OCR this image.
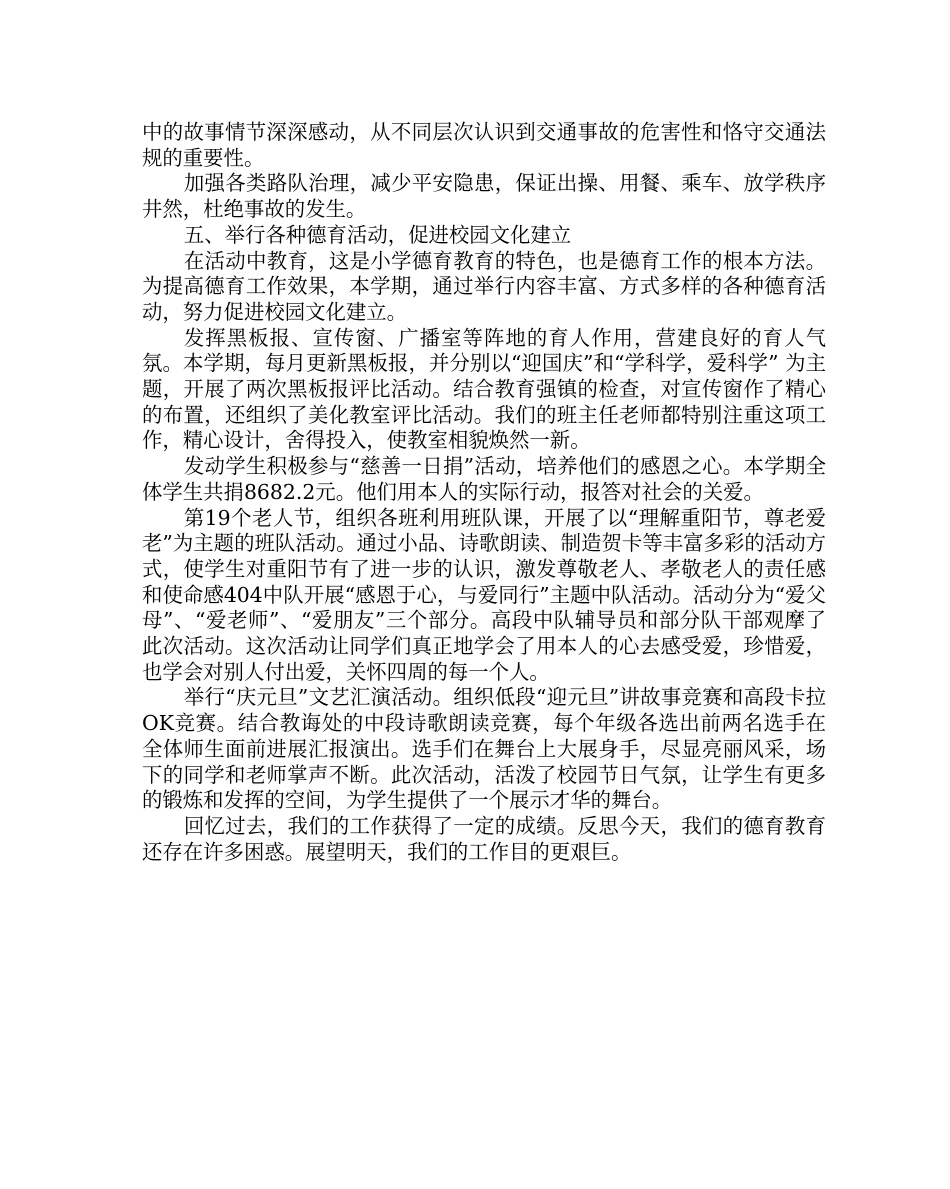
中的故事情节深深感动，从不同层次认识到交通事故的危害性和恪守交通法规的重要性。

加强各类路队治理，减少平安隐患，保证出操、用餐、乘车、放学秩序井然，杜绝事故的发生。

五、举行各种德育活动，促进校园文化建立

在活动中教育，这是小学德育教育的特色，也是德育工作的根本方法。为提高德育工作效果，本学期，通过举行内容丰富、方式多样的各种德育活动，努力促进校园文化建立。

发挥黑板报、宣传窗、广播室等阵地的育人作用，营建良好的育人气氛。本学期，每月更新黑板报，并分别以“迎国庆”和“学科学，爱科学” 为主题，开展了两次黑板报评比活动。结合教育强镇的检查，对宣传窗作了精心的布置，还组织了美化教室评比活动。我们的班主任老师都特别注重这项工作，精心设计，舍得投入，使教室相貌焕然一新。

发动学生积极参与“慈善一日捐”活动，培养他们的感恩之心。本学期全体学生共捐8682.2元。他们用本人的实际行动，报答对社会的关爱。

第19个老人节，组织各班利用班队课，开展了以“理解重阳节，尊老爱老”为主题的班队活动。通过小品、诗歌朗读、制造贺卡等丰富多彩的活动方式，使学生对重阳节有了进一步的认识，激发尊敬老人、孝敬老人的责任感和使命感404中队开展“感恩于心，与爱同行”主题中队活动。活动分为“爱父母”、“爱老师”、“爱朋友”三个部分。高段中队辅导员和部分队干部观摩了此次活动。这次活动让同学们真正地学会了用本人的心去感受爱，珍惜爱，也学会对别人付出爱，关怀四周的每一个人。

举行“庆元旦”文艺汇演活动。组织低段“迎元旦”讲故事竞赛和高段卡拉OK竞赛。结合教诲处的中段诗歌朗读竞赛，每个年级各选出前两名选手在全体师生面前进展汇报演出。选手们在舞台上大展身手，尽显亮丽风采，场下的同学和老师掌声不断。此次活动，活泼了校园节日气氛，让学生有更多的锻炼和发挥的空间，为学生提供了一个展示才华的舞台。

回忆过去，我们的工作获得了一定的成绩。反思今天，我们的德育教育还存在许多困惑。展望明天，我们的工作目的更艰巨。
